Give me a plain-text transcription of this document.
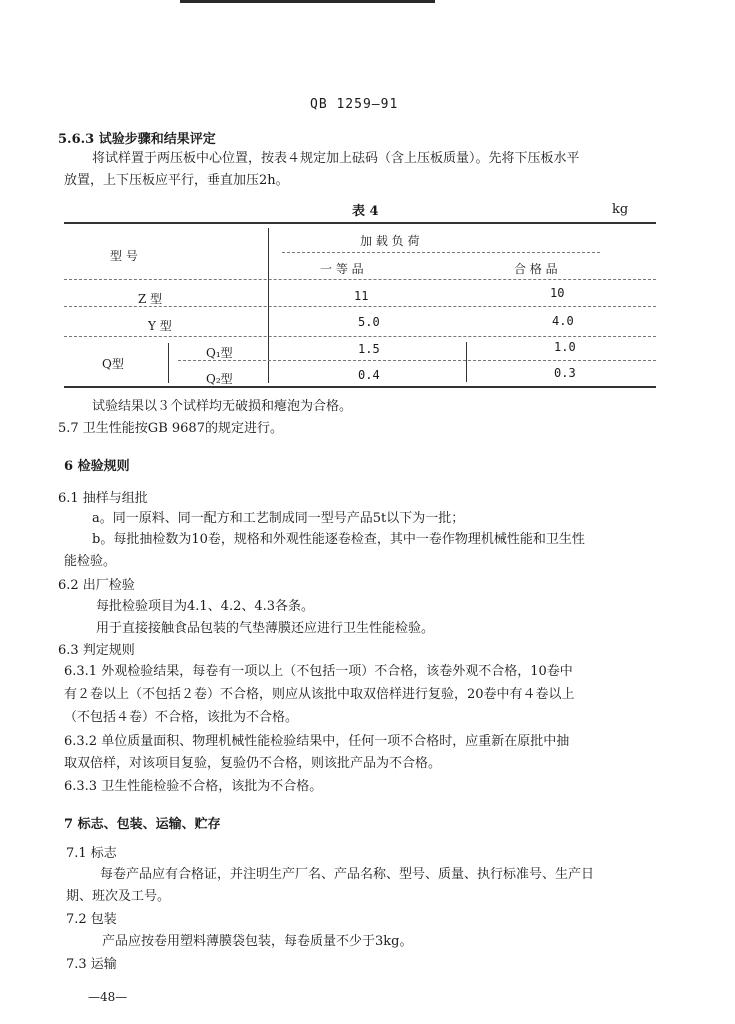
QB 1259—91
5.6.3 试验步骤和结果评定
将试样置于两压板中心位置，按表４规定加上砝码（含上压板质量）。先将下压板水平
放置，上下压板应平行，垂直加压2h。
表 4	kg
型 号
加 载 负 荷
一 等 品	合 格 品
Z 型	11	10
Y 型	5.0	4.0
Q型
Q₁型	1.5	1.0
Q₂型	0.4	0.3
试验结果以３个试样均无破损和瘪泡为合格。
5.7 卫生性能按GB 9687的规定进行。
6 检验规则
6.1 抽样与组批
a。同一原料、同一配方和工艺制成同一型号产品5t以下为一批；
b。每批抽检数为10卷，规格和外观性能逐卷检查，其中一卷作物理机械性能和卫生性
能检验。
6.2 出厂检验
每批检验项目为4.1、4.2、4.3各条。
用于直接接触食品包装的气垫薄膜还应进行卫生性能检验。
6.3 判定规则
6.3.1 外观检验结果，每卷有一项以上（不包括一项）不合格，该卷外观不合格，10卷中
有２卷以上（不包括２卷）不合格，则应从该批中取双倍样进行复验，20卷中有４卷以上
（不包括４卷）不合格，该批为不合格。
6.3.2 单位质量面积、物理机械性能检验结果中，任何一项不合格时，应重新在原批中抽
取双倍样，对该项目复验，复验仍不合格，则该批产品为不合格。
6.3.3 卫生性能检验不合格，该批为不合格。
7 标志、包装、运输、贮存
7.1 标志
每卷产品应有合格证，并注明生产厂名、产品名称、型号、质量、执行标准号、生产日
期、班次及工号。
7.2 包装
产品应按卷用塑料薄膜袋包装，每卷质量不少于3kg。
7.3 运输
—48—
